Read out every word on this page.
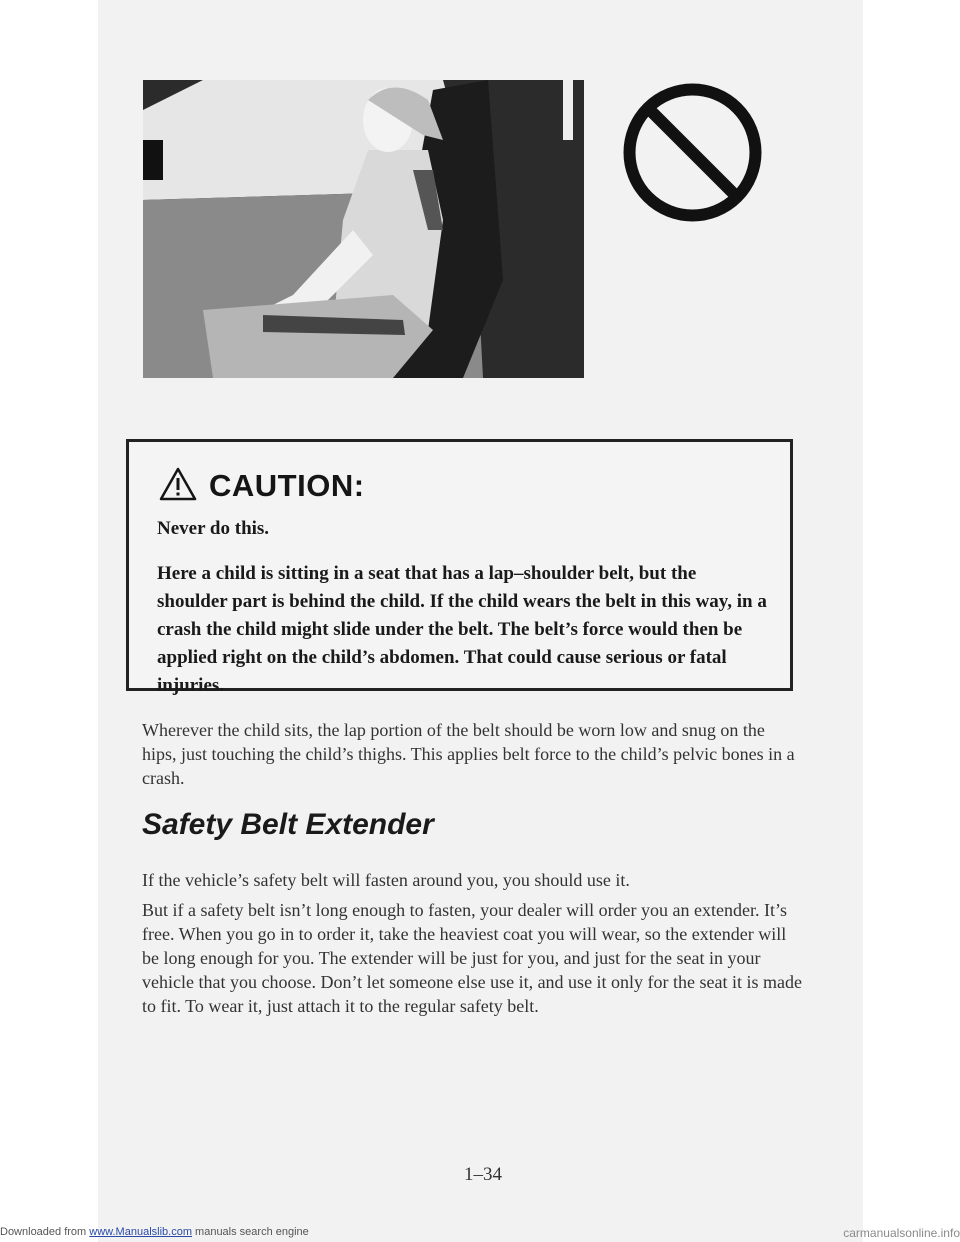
CAUTION:
Never do this.
Here a child is sitting in a seat that has a lap–shoulder belt, but the shoulder part is behind the child. If the child wears the belt in this way, in a crash the child might slide under the belt. The belt’s force would then be applied right on the child’s abdomen. That could cause serious or fatal injuries.

Wherever the child sits, the lap portion of the belt should be worn low and snug on the hips, just touching the child’s thighs. This applies belt force to the child’s pelvic bones in a crash.

Safety Belt Extender

If the vehicle’s safety belt will fasten around you, you should use it.

But if a safety belt isn’t long enough to fasten, your dealer will order you an extender. It’s free. When you go in to order it, take the heaviest coat you will wear, so the extender will be long enough for you. The extender will be just for you, and just for the seat in your vehicle that you choose. Don’t let someone else use it, and use it only for the seat it is made to fit. To wear it, just attach it to the regular safety belt.

1–34
Downloaded from www.Manualslib.com manuals search engine	carmanualsonline.info
